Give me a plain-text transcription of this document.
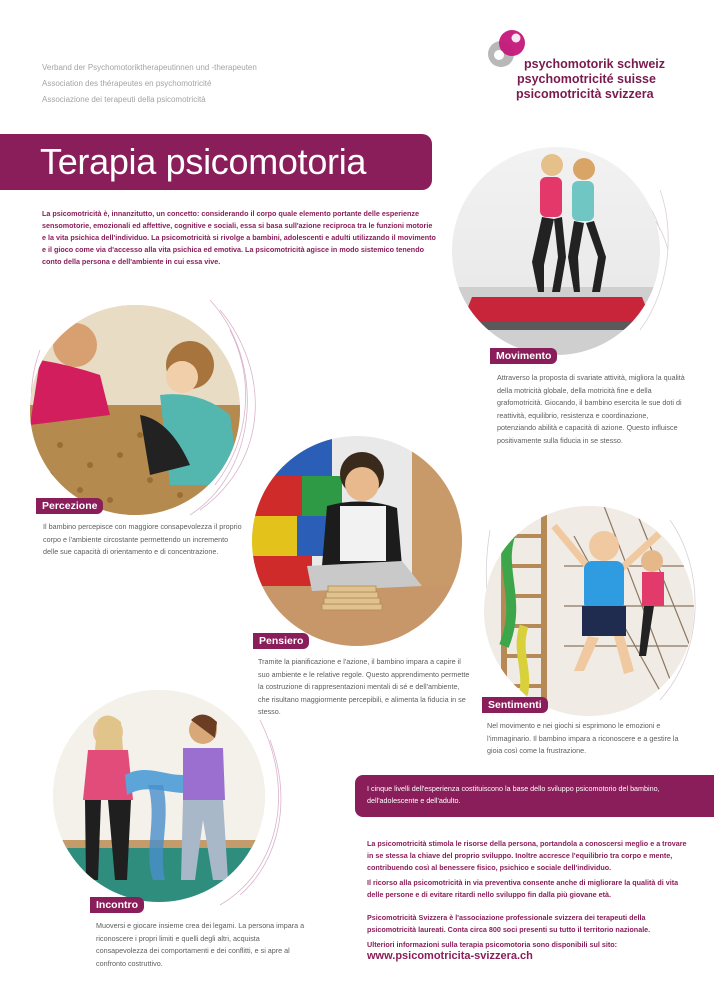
Verband der Psychomotoriktherapeutinnen und -therapeuten
Association des thérapeutes en psychomotricité
Associazione dei terapeuti della psicomotricità
psychomotorik schweiz
psychomotricité suisse
psicomotricità svizzera
Terapia psicomotoria
La psicomotricità è, innanzitutto, un concetto: considerando il corpo quale elemento portante delle esperienze sensomotorie, emozionali ed affettive, cognitive e sociali, essa si basa sull'azione reciproca tra le funzioni motorie e la vita psichica dell'individuo. La psicomotricità si rivolge a bambini, adolescenti e adulti utilizzando il movimento e il gioco come via d'accesso alla vita psichica ed emotiva. La psicomotricità agisce in modo sistemico tenendo conto della persona e dell'ambiente in cui essa vive.
Movimento
Attraverso la proposta di svariate attività, migliora la qualità della motricità globale, della motricità fine e della grafomotricità. Giocando, il bambino esercita le sue doti di reattività, equilibrio, resistenza e coordinazione, potenziando abilità e capacità di azione. Questo influisce positivamente sulla fiducia in se stesso.
Percezione
Il bambino percepisce con maggiore consapevolezza il proprio corpo e l'ambiente circostante permettendo un incremento delle sue capacità di orientamento e di concentrazione.
Pensiero
Tramite la pianificazione e l'azione, il bambino impara a capire il suo ambiente e le relative regole. Questo apprendimento permette la costruzione di rappresentazioni mentali di sé e dell'ambiente, che risultano maggiormente percepibili, e alimenta la fiducia in se stesso.
Sentimenti
Nel movimento e nei giochi si esprimono le emozioni e l'immaginario. Il bambino impara a riconoscere e a gestire la gioia così come la frustrazione.
Incontro
Muoversi e giocare insieme crea dei legami. La persona impara a riconoscere i propri limiti e quelli degli altri, acquista consapevolezza dei comportamenti e dei conflitti, e si apre al confronto costruttivo.
I cinque livelli dell'esperienza costituiscono la base dello sviluppo psicomotorio del bambino, dell'adolescente e dell'adulto.
La psicomotricità stimola le risorse della persona, portandola a conoscersi meglio e a trovare in se stessa la chiave del proprio sviluppo. Inoltre accresce l'equilibrio tra corpo e mente, contribuendo così al benessere fisico, psichico e sociale dell'individuo.
Il ricorso alla psicomotricità in via preventiva consente anche di migliorare la qualità di vita delle persone e di evitare ritardi nello sviluppo fin dalla più giovane età.
Psicomotricità Svizzera è l'associazione professionale svizzera dei terapeuti della psicomotricità laureati. Conta circa 800 soci presenti su tutto il territorio nazionale.
Ulteriori informazioni sulla terapia psicomotoria sono disponibili sul sito:
www.psicomotricita-svizzera.ch
